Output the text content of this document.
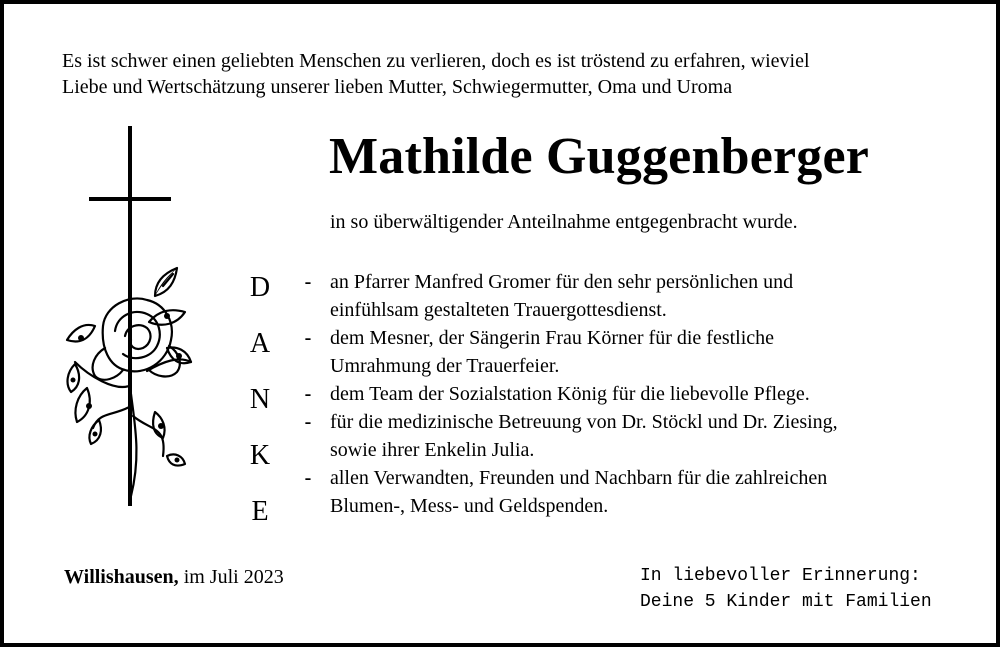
Es ist schwer einen geliebten Menschen zu verlieren, doch es ist tröstend zu erfahren, wieviel
Liebe und Wertschätzung unserer lieben Mutter, Schwiegermutter, Oma und Uroma
Mathilde Guggenberger
in so überwältigender Anteilnahme entgegenbracht wurde.
D
A
N
K
E
- an Pfarrer Manfred Gromer für den sehr persönlichen und
einfühlsam gestalteten Trauergottesdienst.
- dem Mesner, der Sängerin Frau Körner für die festliche
Umrahmung der Trauerfeier.
- dem Team der Sozialstation König für die liebevolle Pflege.
- für die medizinische Betreuung von Dr. Stöckl und Dr. Ziesing,
sowie ihrer Enkelin Julia.
- allen Verwandten, Freunden und Nachbarn für die zahlreichen
Blumen-, Mess- und Geldspenden.
Willishausen, im Juli 2023	In liebevoller Erinnerung:
Deine 5 Kinder mit Familien
